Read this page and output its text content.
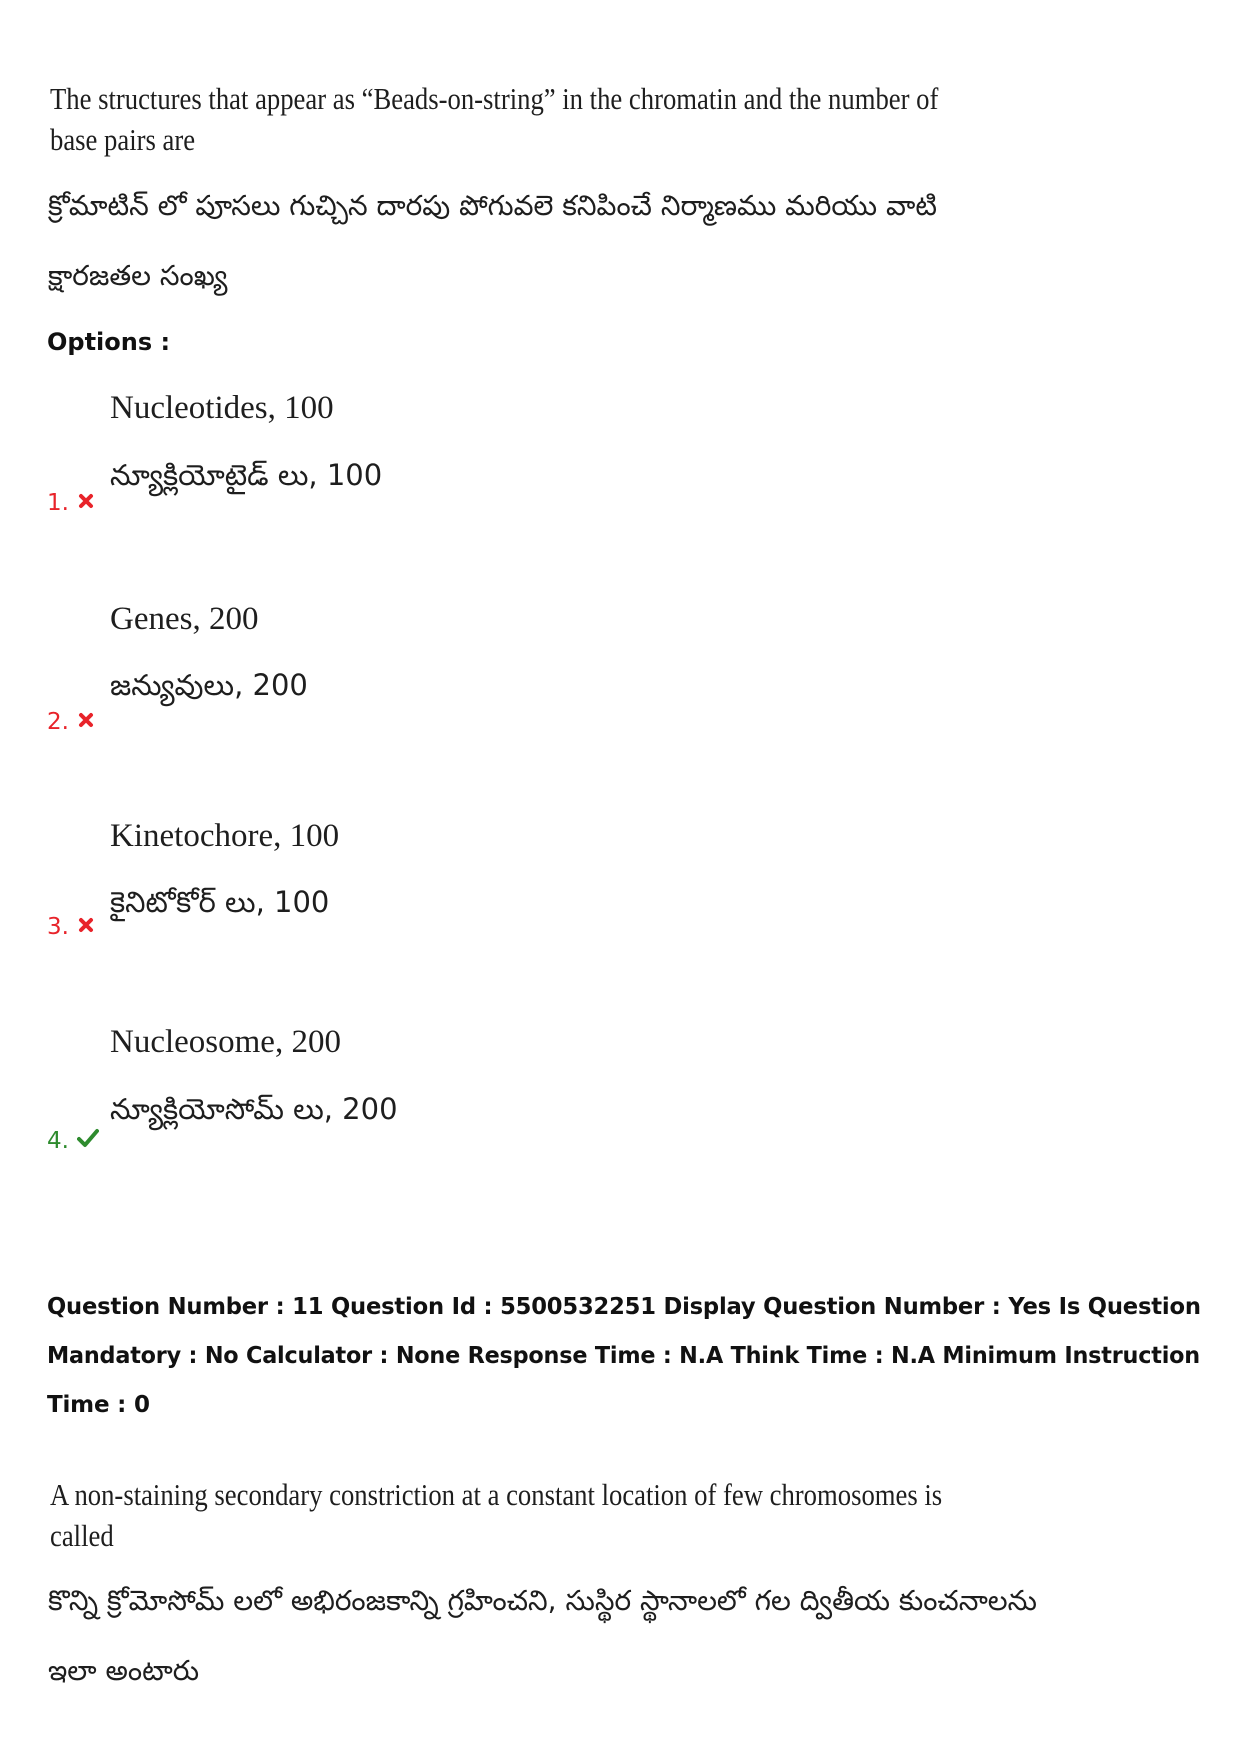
The structures that appear as “Beads-on-string” in the chromatin and the number of
base pairs are
క్రోమాటిన్ లో పూసలు గుచ్చిన దారపు పోగువలె కనిపించే నిర్మాణము మరియు వాటి
క్షారజతల సంఖ్య
Options :
Nucleotides, 100
న్యూక్లియోటైడ్ లు, 100
1.
Genes, 200
జన్యువులు, 200
2.
Kinetochore, 100
కైనిటోకోర్ లు, 100
3.
Nucleosome, 200
న్యూక్లియోసోమ్ లు, 200
4.
Question Number : 11 Question Id : 5500532251 Display Question Number : Yes Is Question
Mandatory : No Calculator : None Response Time : N.A Think Time : N.A Minimum Instruction
Time : 0
A non-staining secondary constriction at a constant location of few chromosomes is
called
కొన్ని క్రోమోసోమ్ లలో అభిరంజకాన్ని గ్రహించని, సుస్థిర స్థానాలలో గల ద్వితీయ కుంచనాలను
ఇలా అంటారు
